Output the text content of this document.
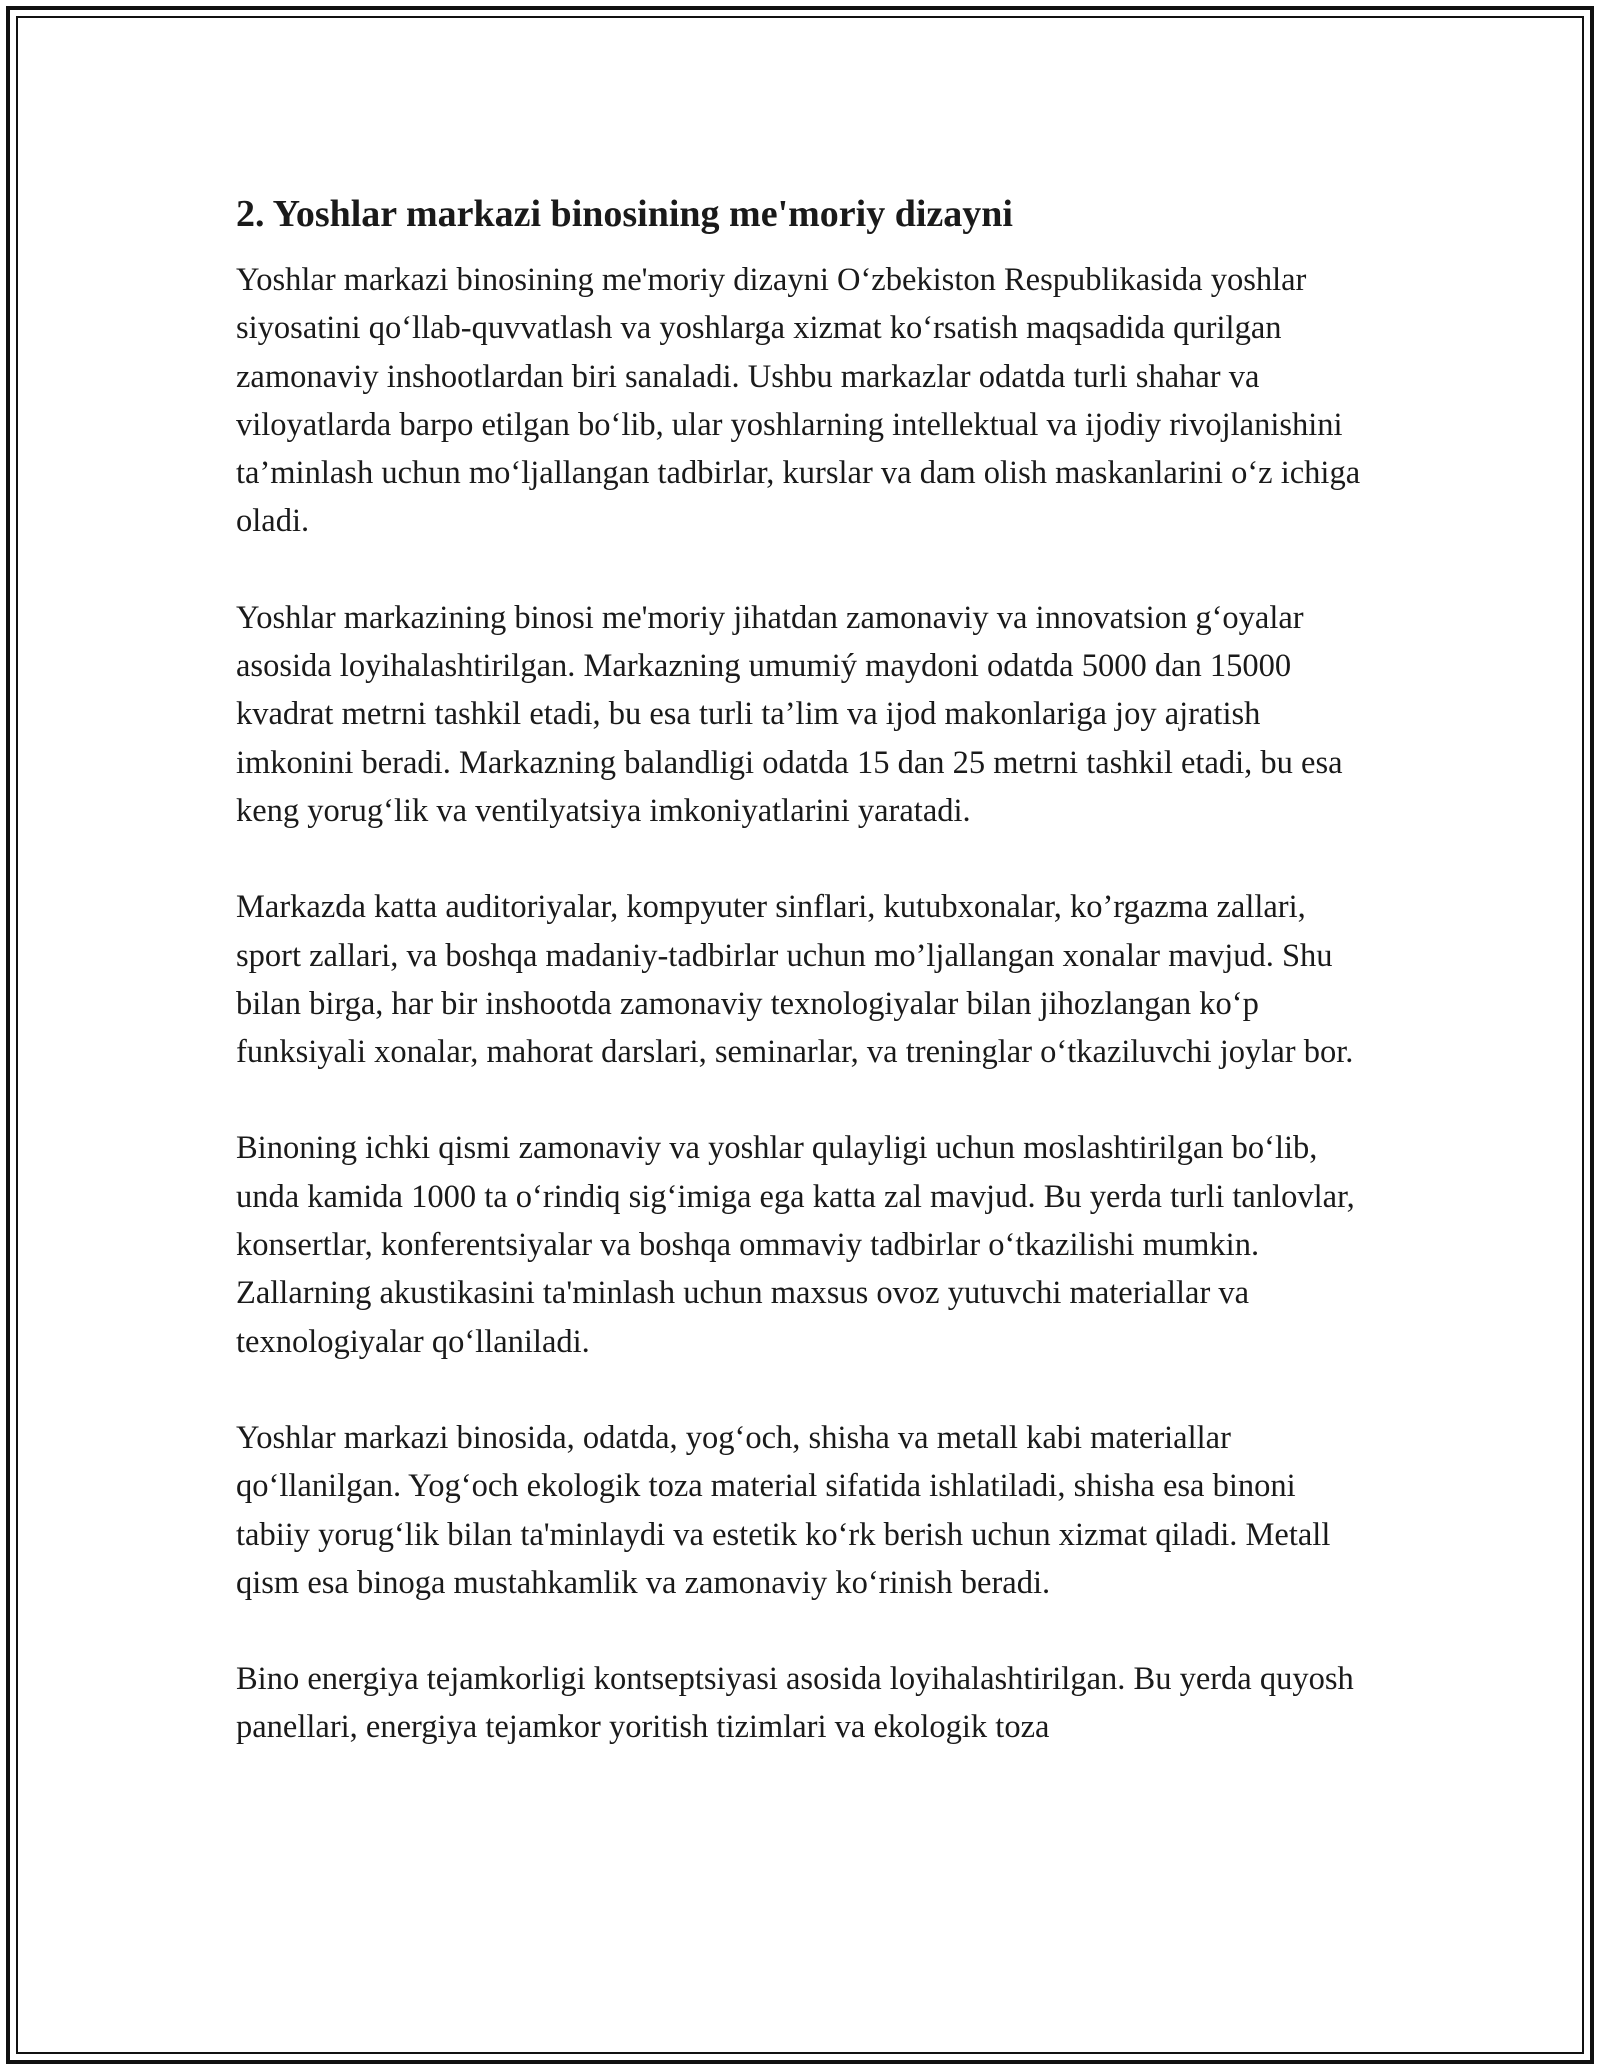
2. Yoshlar markazi binosining me'moriy dizayni

Yoshlar markazi binosining me'moriy dizayni O‘zbekiston Respublikasida yoshlar siyosatini qo‘llab-quvvatlash va yoshlarga xizmat ko‘rsatish maqsadida qurilgan zamonaviy inshootlardan biri sanaladi. Ushbu markazlar odatda turli shahar va viloyatlarda barpo etilgan bo‘lib, ular yoshlarning intellektual va ijodiy rivojlanishini ta’minlash uchun mo‘ljallangan tadbirlar, kurslar va dam olish maskanlarini o‘z ichiga oladi.

Yoshlar markazining binosi me'moriy jihatdan zamonaviy va innovatsion g‘oyalar asosida loyihalashtirilgan. Markazning umumiý maydoni odatda 5000 dan 15000 kvadrat metrni tashkil etadi, bu esa turli ta’lim va ijod makonlariga joy ajratish imkonini beradi. Markazning balandligi odatda 15 dan 25 metrni tashkil etadi, bu esa keng yorug‘lik va ventilyatsiya imkoniyatlarini yaratadi.

Markazda katta auditoriyalar, kompyuter sinflari, kutubxonalar, ko’rgazma zallari, sport zallari, va boshqa madaniy-tadbirlar uchun mo’ljallangan xonalar mavjud. Shu bilan birga, har bir inshootda zamonaviy texnologiyalar bilan jihozlangan ko‘p funksiyali xonalar, mahorat darslari, seminarlar, va treninglar o‘tkaziluvchi joylar bor.

Binoning ichki qismi zamonaviy va yoshlar qulayligi uchun moslashtirilgan bo‘lib, unda kamida 1000 ta o‘rindiq sig‘imiga ega katta zal mavjud. Bu yerda turli tanlovlar, konsertlar, konferentsiyalar va boshqa ommaviy tadbirlar o‘tkazilishi mumkin. Zallarning akustikasini ta'minlash uchun maxsus ovoz yutuvchi materiallar va texnologiyalar qo‘llaniladi.

Yoshlar markazi binosida, odatda, yog‘och, shisha va metall kabi materiallar qo‘llanilgan. Yog‘och ekologik toza material sifatida ishlatiladi, shisha esa binoni tabiiy yorug‘lik bilan ta'minlaydi va estetik ko‘rk berish uchun xizmat qiladi. Metall qism esa binoga mustahkamlik va zamonaviy ko‘rinish beradi.

Bino energiya tejamkorligi kontseptsiyasi asosida loyihalashtirilgan. Bu yerda quyosh panellari, energiya tejamkor yoritish tizimlari va ekologik toza
